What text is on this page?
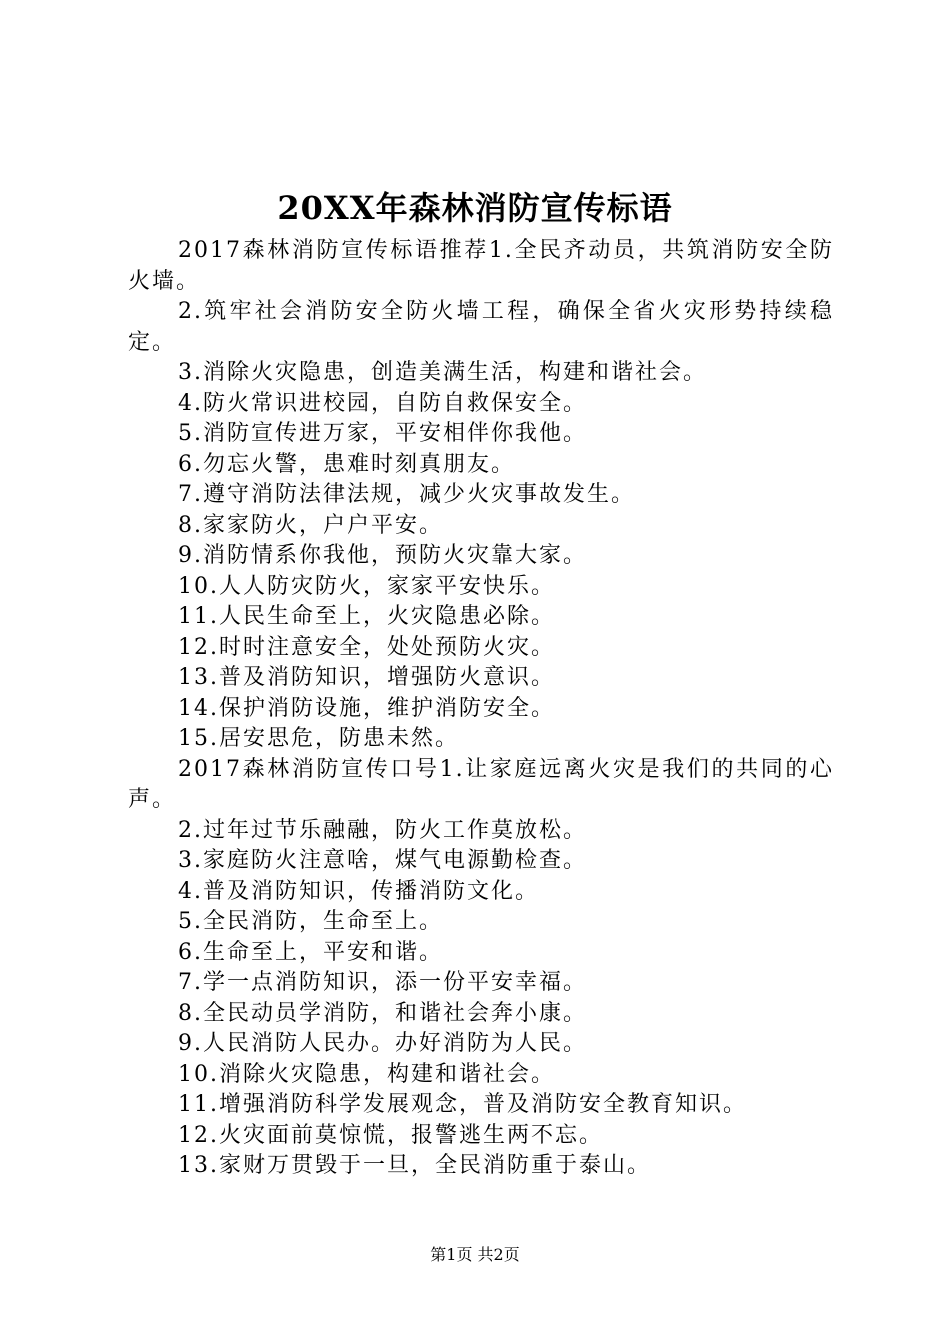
20XX年森林消防宣传标语

2017森林消防宣传标语推荐1.全民齐动员，共筑消防安全防火墙。

2.筑牢社会消防安全防火墙工程，确保全省火灾形势持续稳定。

3.消除火灾隐患，创造美满生活，构建和谐社会。

4.防火常识进校园，自防自救保安全。

5.消防宣传进万家，平安相伴你我他。

6.勿忘火警，患难时刻真朋友。

7.遵守消防法律法规，减少火灾事故发生。

8.家家防火，户户平安。

9.消防情系你我他，预防火灾靠大家。

10.人人防灾防火，家家平安快乐。

11.人民生命至上，火灾隐患必除。

12.时时注意安全，处处预防火灾。

13.普及消防知识，增强防火意识。

14.保护消防设施，维护消防安全。

15.居安思危，防患未然。

2017森林消防宣传口号1.让家庭远离火灾是我们的共同的心声。

2.过年过节乐融融，防火工作莫放松。

3.家庭防火注意啥，煤气电源勤检查。

4.普及消防知识，传播消防文化。

5.全民消防，生命至上。

6.生命至上，平安和谐。

7.学一点消防知识，添一份平安幸福。

8.全民动员学消防，和谐社会奔小康。

9.人民消防人民办。办好消防为人民。

10.消除火灾隐患，构建和谐社会。

11.增强消防科学发展观念，普及消防安全教育知识。

12.火灾面前莫惊慌，报警逃生两不忘。

13.家财万贯毁于一旦，全民消防重于泰山。

第1页 共2页
